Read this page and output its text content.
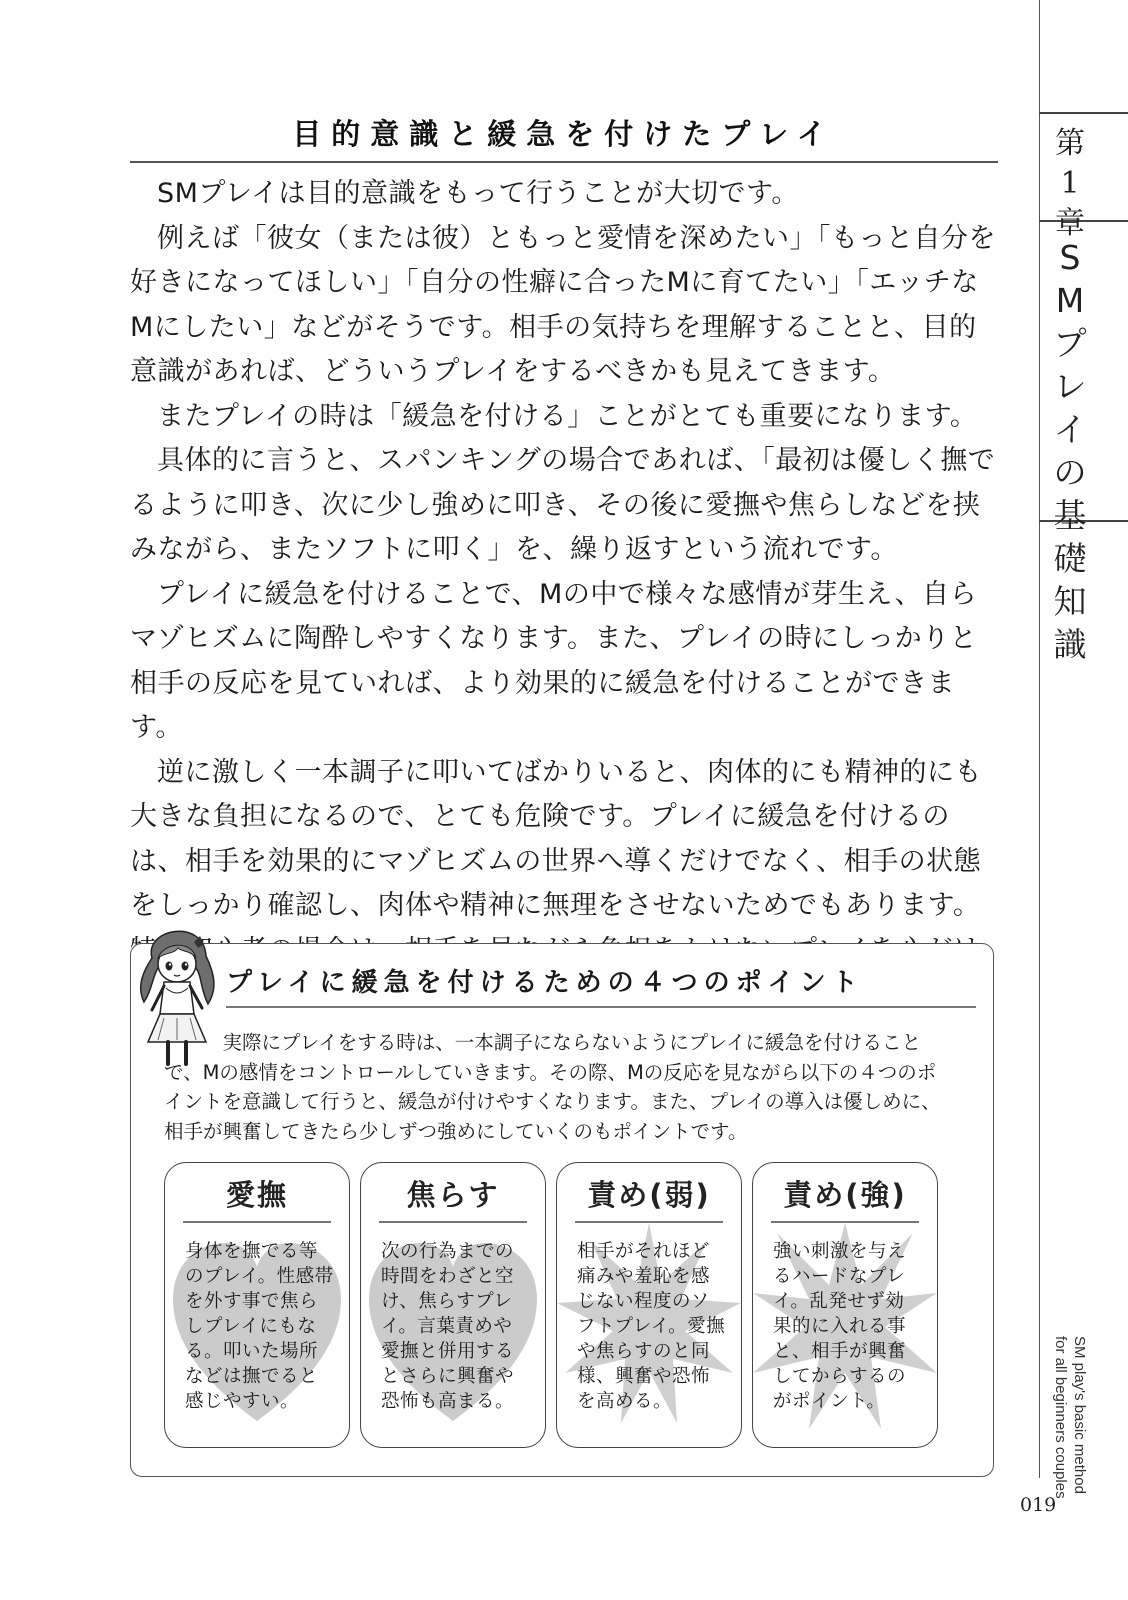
第
1
章
S
M
プ
レ
イ
の
基
礎
知
識
SM play's basic method
for all beginners couples
019
目的意識と緩急を付けたプレイ

SMプレイは目的意識をもって行うことが大切です。

例えば「彼女（または彼）ともっと愛情を深めたい」「もっと自分を好きになってほしい」「自分の性癖に合ったMに育てたい」「エッチなMにしたい」などがそうです。相手の気持ちを理解することと、目的意識があれば、どういうプレイをするべきかも見えてきます。

またプレイの時は「緩急を付ける」ことがとても重要になります。

具体的に言うと、スパンキングの場合であれば、「最初は優しく撫でるように叩き、次に少し強めに叩き、その後に愛撫や焦らしなどを挟みながら、またソフトに叩く」を、繰り返すという流れです。

プレイに緩急を付けることで、Mの中で様々な感情が芽生え、自らマゾヒズムに陶酔しやすくなります。また、プレイの時にしっかりと相手の反応を見ていれば、より効果的に緩急を付けることができます。

逆に激しく一本調子に叩いてばかりいると、肉体的にも精神的にも大きな負担になるので、とても危険です。プレイに緩急を付けるのは、相手を効果的にマゾヒズムの世界へ導くだけでなく、相手の状態をしっかり確認し、肉体や精神に無理をさせないためでもあります。

プレイに緩急を付けるための４つのポイント

実際にプレイをする時は、一本調子にならないようにプレイに緩急を付けることで、Mの感情をコントロールしていきます。その際、Mの反応を見ながら以下の４つのポイントを意識して行うと、緩急が付けやすくなります。また、プレイの導入は優しめに、相手が興奮してきたら少しずつ強めにしていくのもポイントです。

愛撫
身体を撫でる等のプレイ。性感帯を外す事で焦らしプレイにもなる。叩いた場所などは撫でると感じやすい。
焦らす
次の行為までの時間をわざと空け、焦らすプレイ。言葉責めや愛撫と併用するとさらに興奮や恐怖も高まる。
責め(弱)
相手がそれほど痛みや羞恥を感じない程度のソフトプレイ。愛撫や焦らすのと同様、興奮や恐怖を高める。
責め(強)
強い刺激を与えるハードなプレイ。乱発せず効果的に入れる事と、相手が興奮してからするのがポイント。
